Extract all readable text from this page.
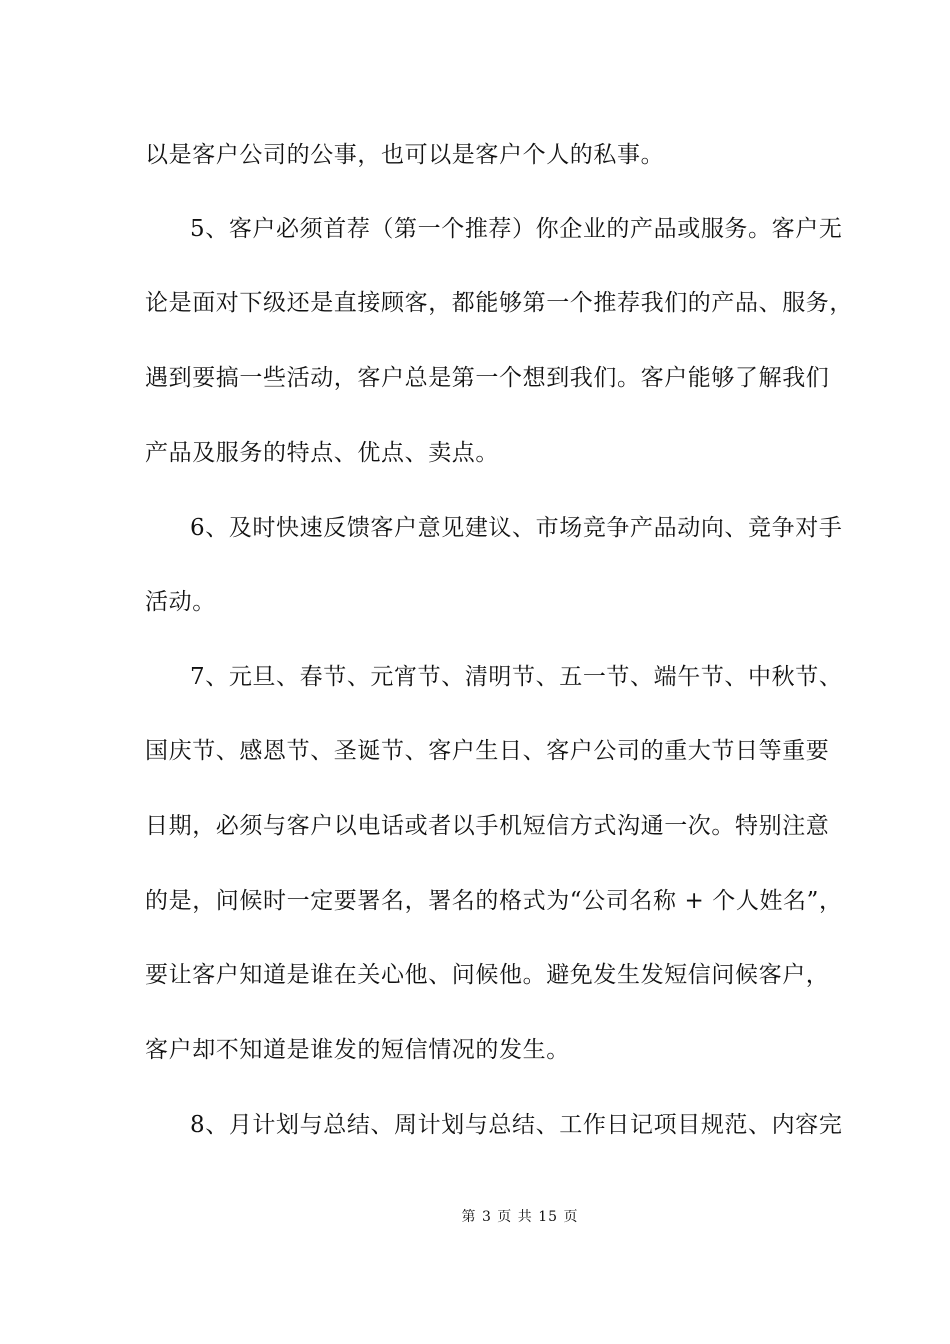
以是客户公司的公事，也可以是客户个人的私事。
5、客户必须首荐（第一个推荐）你企业的产品或服务。客户无
论是面对下级还是直接顾客，都能够第一个推荐我们的产品、服务，
遇到要搞一些活动，客户总是第一个想到我们。客户能够了解我们
产品及服务的特点、优点、卖点。
6、及时快速反馈客户意见建议、市场竞争产品动向、竞争对手
活动。
7、元旦、春节、元宵节、清明节、五一节、端午节、中秋节、
国庆节、感恩节、圣诞节、客户生日、客户公司的重大节日等重要
日期，必须与客户以电话或者以手机短信方式沟通一次。特别注意
的是，问候时一定要署名，署名的格式为“公司名称 + 个人姓名”，
要让客户知道是谁在关心他、问候他。避免发生发短信问候客户，
客户却不知道是谁发的短信情况的发生。
8、月计划与总结、周计划与总结、工作日记项目规范、内容完
第 3 页 共 15 页
